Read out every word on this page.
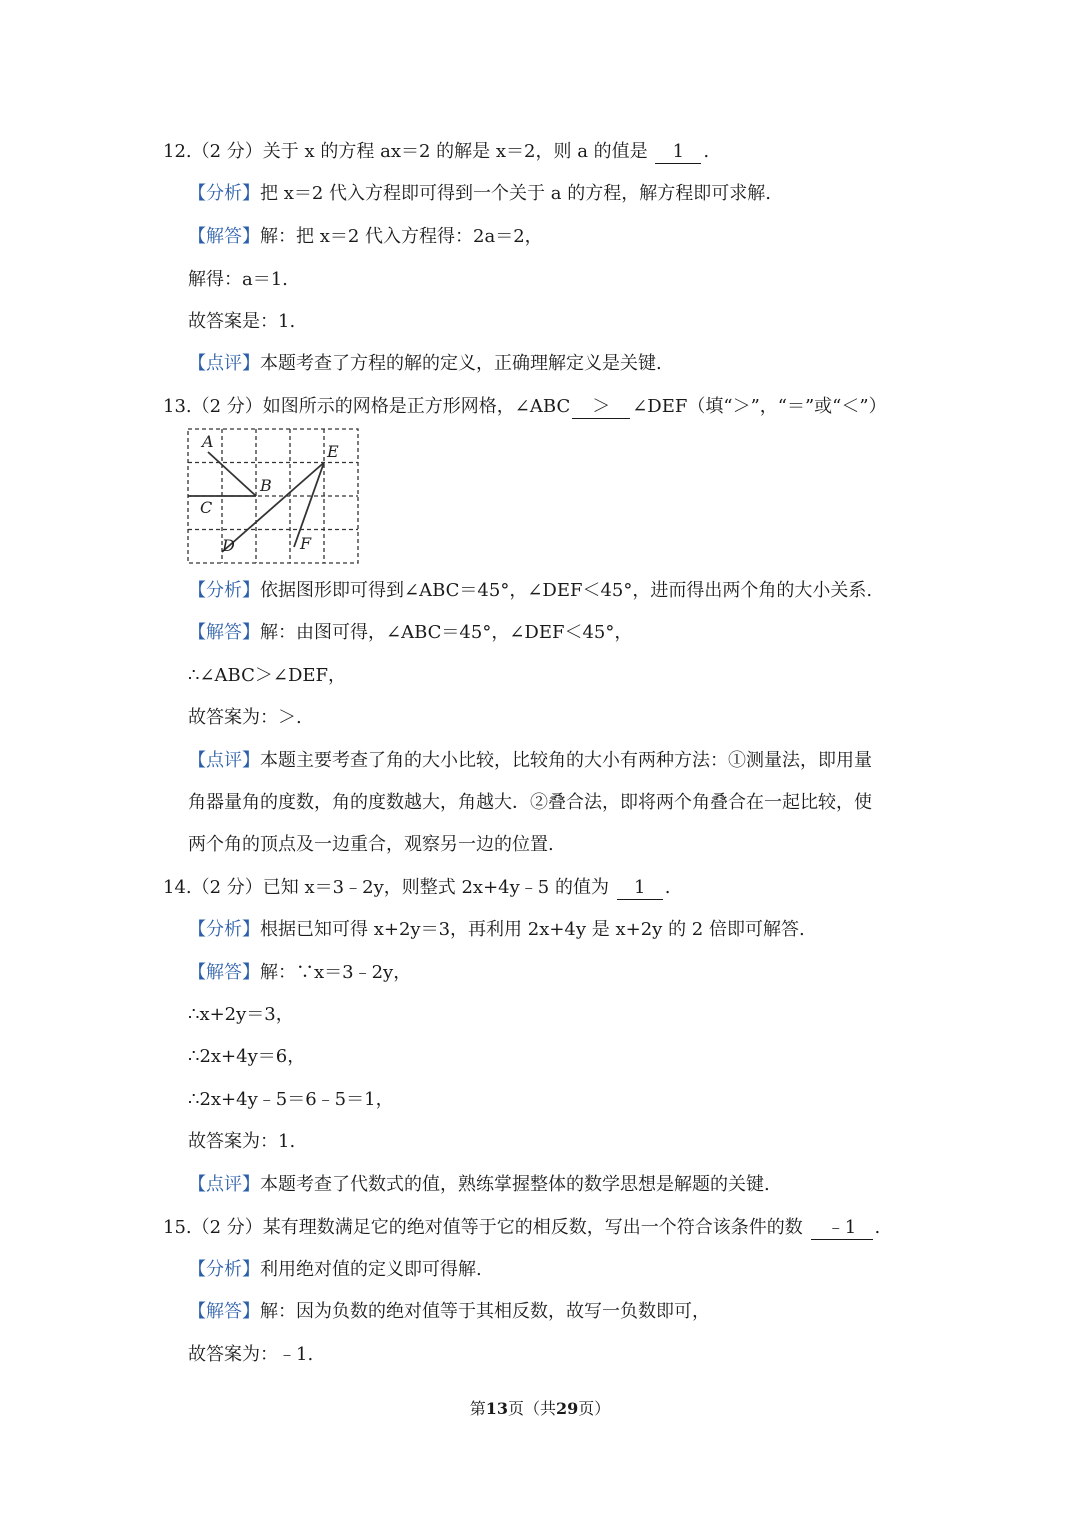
12.（2 分）关于 x 的方程 ax＝2 的解是 x＝2，则 a 的值是 1 .
【分析】把 x＝2 代入方程即可得到一个关于 a 的方程，解方程即可求解.
【解答】解：把 x＝2 代入方程得：2a＝2，
解得：a＝1.
故答案是：1.
【点评】本题考查了方程的解的定义，正确理解定义是关键.
13.（2 分）如图所示的网格是正方形网格，∠ABC ＞ ∠DEF（填“＞”，“＝”或“＜”）
A
B
C
D
E
F
【分析】依据图形即可得到∠ABC＝45°，∠DEF＜45°，进而得出两个角的大小关系.
【解答】解：由图可得，∠ABC＝45°，∠DEF＜45°，
∴∠ABC＞∠DEF，
故答案为：＞.
【点评】本题主要考查了角的大小比较，比较角的大小有两种方法：①测量法，即用量
角器量角的度数，角的度数越大，角越大．②叠合法，即将两个角叠合在一起比较，使
两个角的顶点及一边重合，观察另一边的位置.
14.（2 分）已知 x＝3﹣2y，则整式 2x+4y﹣5 的值为 1 .
【分析】根据已知可得 x+2y＝3，再利用 2x+4y 是 x+2y 的 2 倍即可解答.
【解答】解：∵x＝3﹣2y，
∴x+2y＝3，
∴2x+4y＝6，
∴2x+4y﹣5＝6﹣5＝1，
故答案为：1.
【点评】本题考查了代数式的值，熟练掌握整体的数学思想是解题的关键.
15.（2 分）某有理数满足它的绝对值等于它的相反数，写出一个符合该条件的数 ﹣1 .
【分析】利用绝对值的定义即可得解.
【解答】解：因为负数的绝对值等于其相反数，故写一负数即可，
故答案为：﹣1.
第13页（共29页）
